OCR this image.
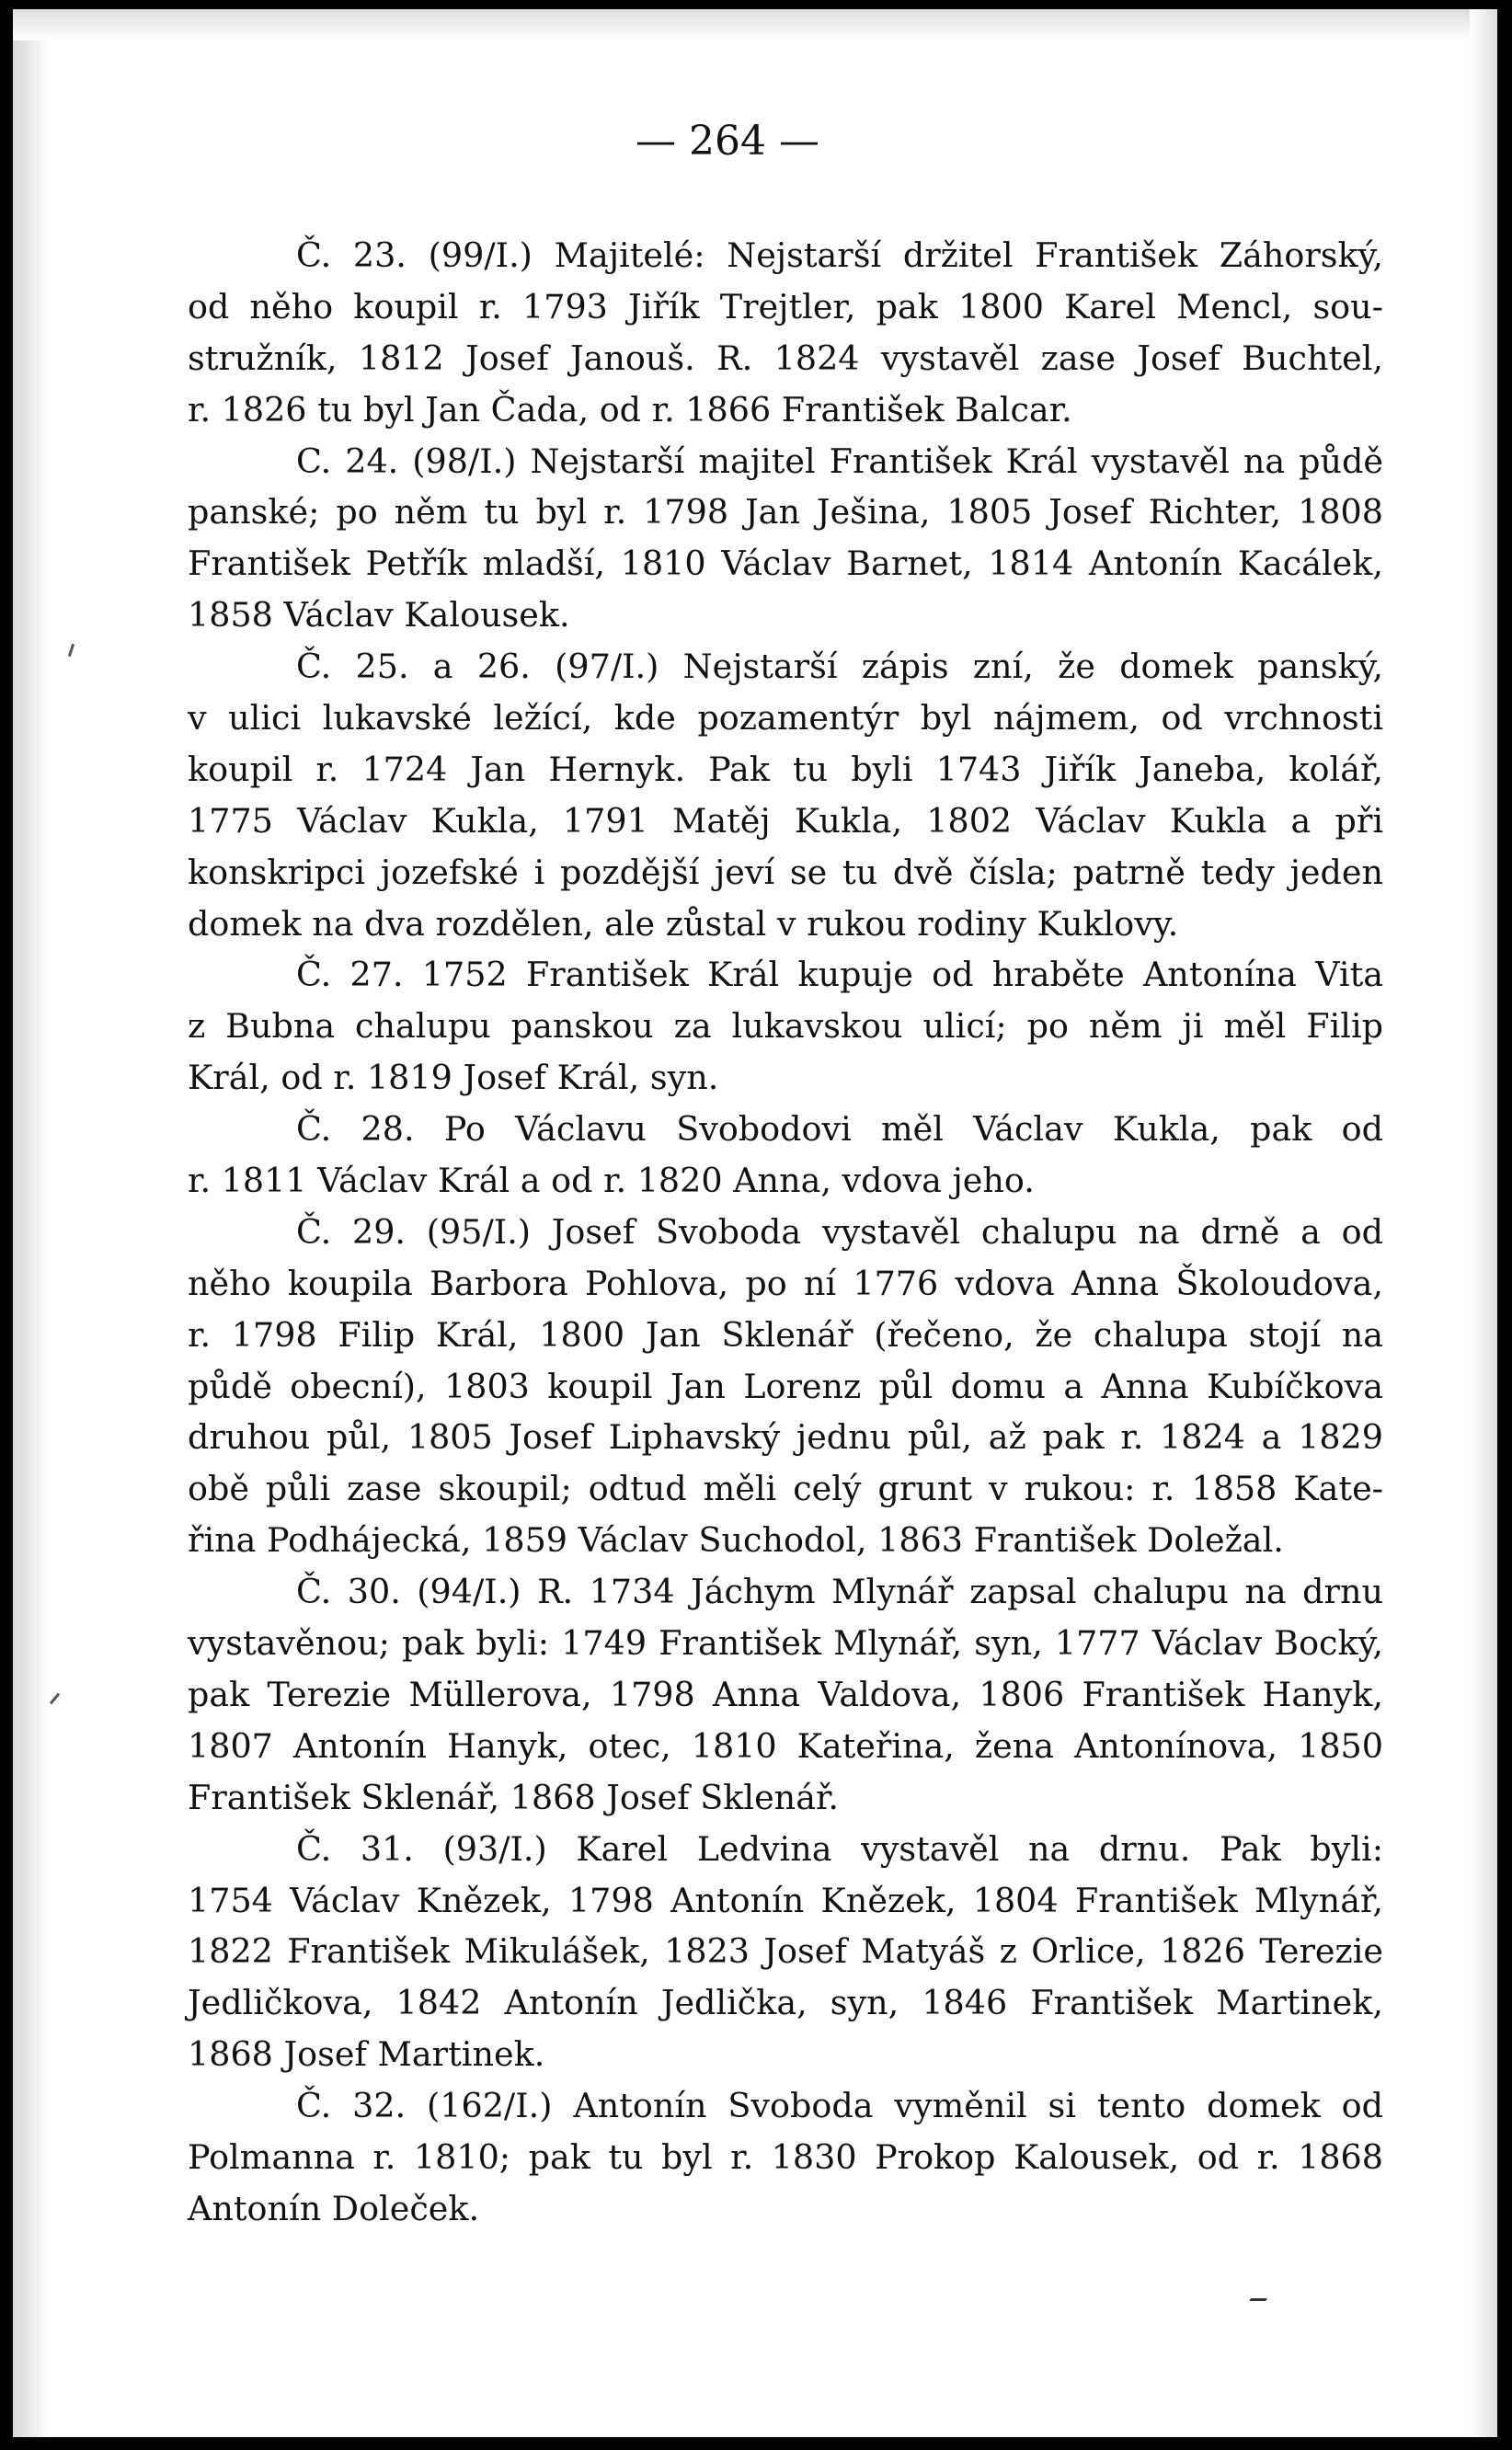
— 264 —
Č. 23. (99/I.) Majitelé: Nejstarší držitel František Záhorský,
od něho koupil r. 1793 Jiřík Trejtler, pak 1800 Karel Mencl, sou-
stružník, 1812 Josef Janouš. R. 1824 vystavěl zase Josef Buchtel,
r. 1826 tu byl Jan Čada, od r. 1866 František Balcar.
C. 24. (98/I.) Nejstarší majitel František Král vystavěl na půdě
panské; po něm tu byl r. 1798 Jan Ješina, 1805 Josef Richter, 1808
František Petřík mladší, 1810 Václav Barnet, 1814 Antonín Kacálek,
1858 Václav Kalousek.
Č. 25. a 26. (97/I.) Nejstarší zápis zní, že domek panský,
v ulici lukavské ležící, kde pozamentýr byl nájmem, od vrchnosti
koupil r. 1724 Jan Hernyk. Pak tu byli 1743 Jiřík Janeba, kolář,
1775 Václav Kukla, 1791 Matěj Kukla, 1802 Václav Kukla a při
konskripci jozefské i pozdější jeví se tu dvě čísla; patrně tedy jeden
domek na dva rozdělen, ale zůstal v rukou rodiny Kuklovy.
Č. 27. 1752 František Král kupuje od hraběte Antonína Vita
z Bubna chalupu panskou za lukavskou ulicí; po něm ji měl Filip
Král, od r. 1819 Josef Král, syn.
Č. 28. Po Václavu Svobodovi měl Václav Kukla, pak od
r. 1811 Václav Král a od r. 1820 Anna, vdova jeho.
Č. 29. (95/I.) Josef Svoboda vystavěl chalupu na drně a od
něho koupila Barbora Pohlova, po ní 1776 vdova Anna Školoudova,
r. 1798 Filip Král, 1800 Jan Sklenář (řečeno, že chalupa stojí na
půdě obecní), 1803 koupil Jan Lorenz půl domu a Anna Kubíčkova
druhou půl, 1805 Josef Liphavský jednu půl, až pak r. 1824 a 1829
obě půli zase skoupil; odtud měli celý grunt v rukou: r. 1858 Kate-
řina Podhájecká, 1859 Václav Suchodol, 1863 František Doležal.
Č. 30. (94/I.) R. 1734 Jáchym Mlynář zapsal chalupu na drnu
vystavěnou; pak byli: 1749 František Mlynář, syn, 1777 Václav Bocký,
pak Terezie Müllerova, 1798 Anna Valdova, 1806 František Hanyk,
1807 Antonín Hanyk, otec, 1810 Kateřina, žena Antonínova, 1850
František Sklenář, 1868 Josef Sklenář.
Č. 31. (93/I.) Karel Ledvina vystavěl na drnu. Pak byli:
1754 Václav Knězek, 1798 Antonín Knězek, 1804 František Mlynář,
1822 František Mikulášek, 1823 Josef Matyáš z Orlice, 1826 Terezie
Jedličkova, 1842 Antonín Jedlička, syn, 1846 František Martinek,
1868 Josef Martinek.
Č. 32. (162/I.) Antonín Svoboda vyměnil si tento domek od
Polmanna r. 1810; pak tu byl r. 1830 Prokop Kalousek, od r. 1868
Antonín Doleček.
